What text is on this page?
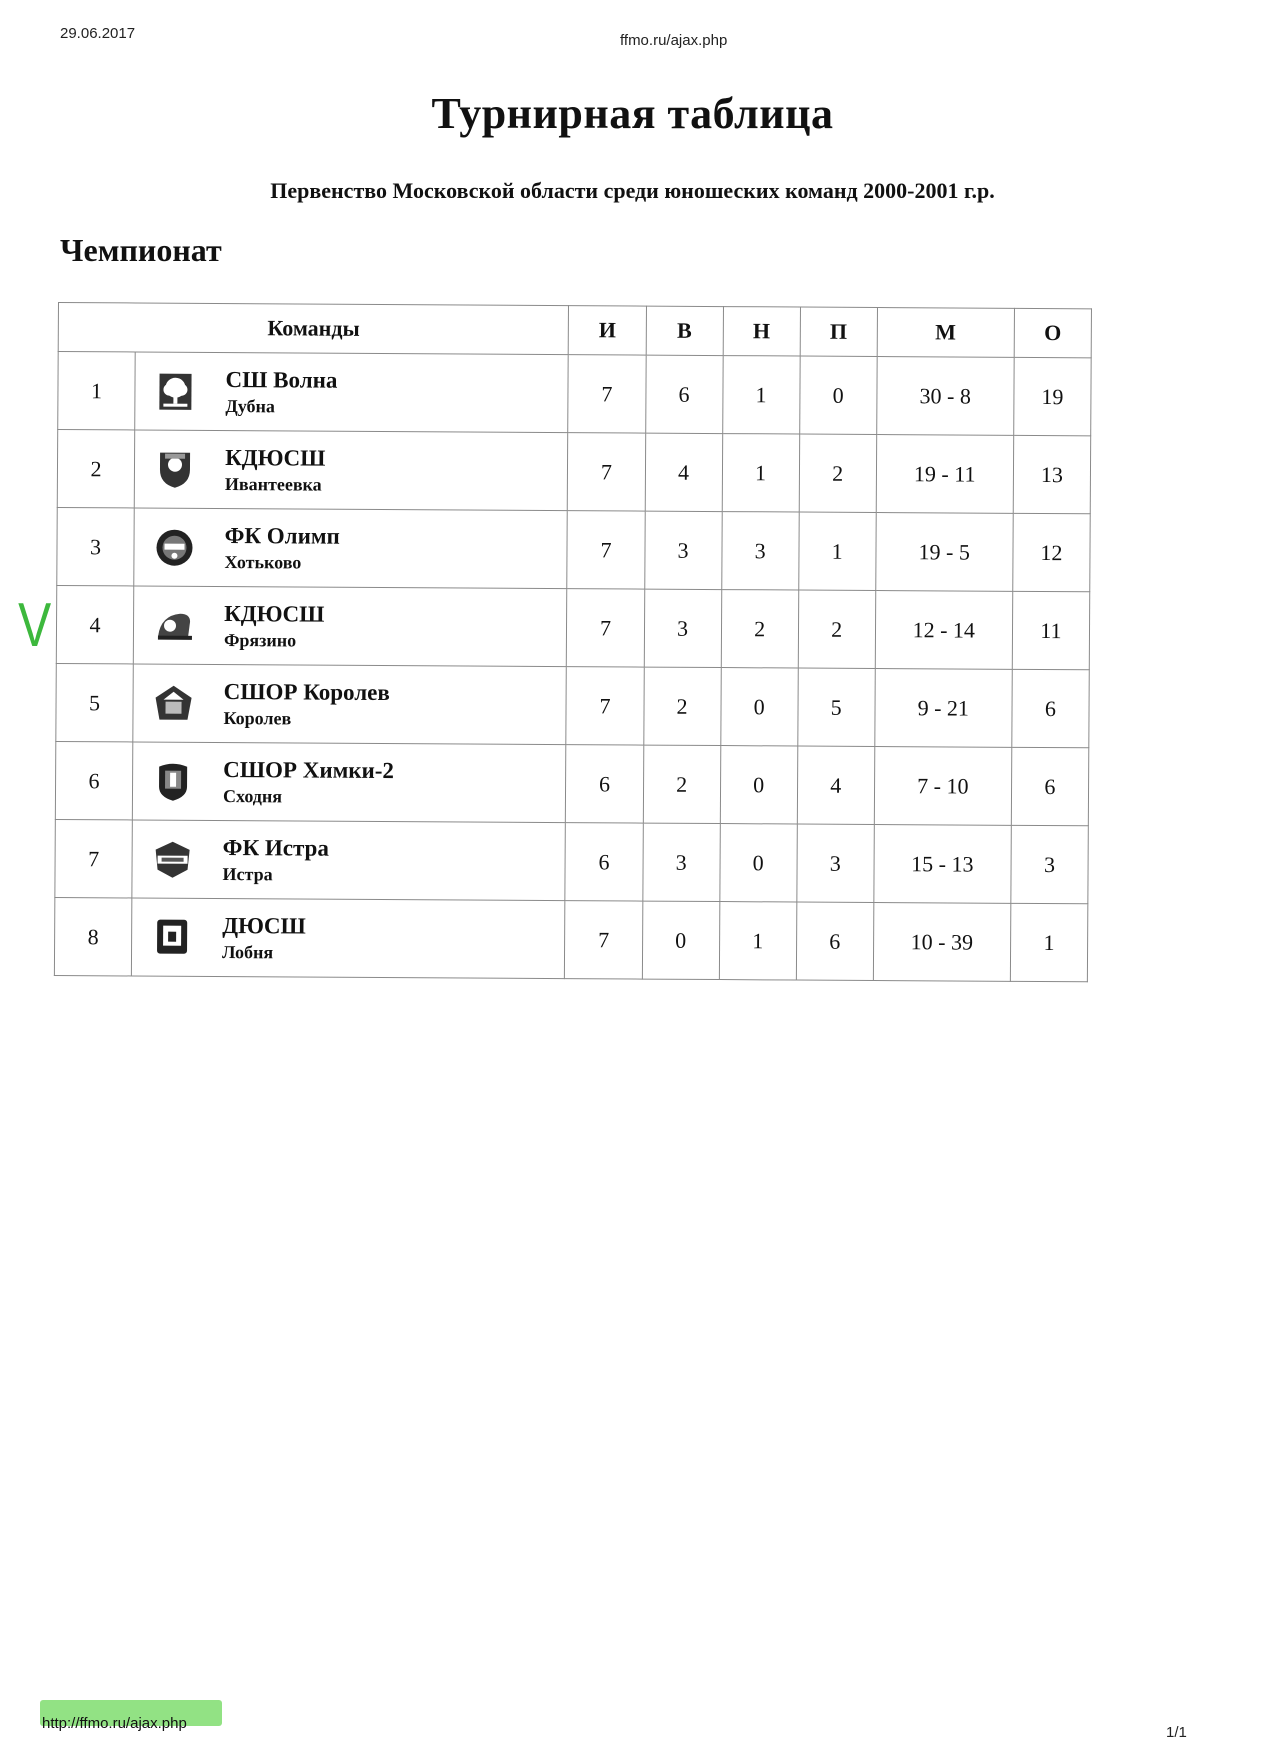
29.06.2017	ffmo.ru/ajax.php
Турнирная таблица
Первенство Московской области среди юношеских команд 2000-2001 г.р.
Чемпионат
V
Команды		И	В	Н	П	М	О
1	СШ Волна
Дубна	7	6	1	0	30 - 8	19
2	КДЮСШ
Ивантеевка	7	4	1	2	19 - 11	13
3	ФК Олимп
Хотьково	7	3	3	1	19 - 5	12
4	КДЮСШ
Фрязино	7	3	2	2	12 - 14	11
5	СШОР Королев
Королев	7	2	0	5	9 - 21	6
6	СШОР Химки-2
Сходня	6	2	0	4	7 - 10	6
7	ФК Истра
Истра	6	3	0	3	15 - 13	3
8	ДЮСШ
Лобня	7	0	1	6	10 - 39	1
http://ffmo.ru/ajax.php
1/1
